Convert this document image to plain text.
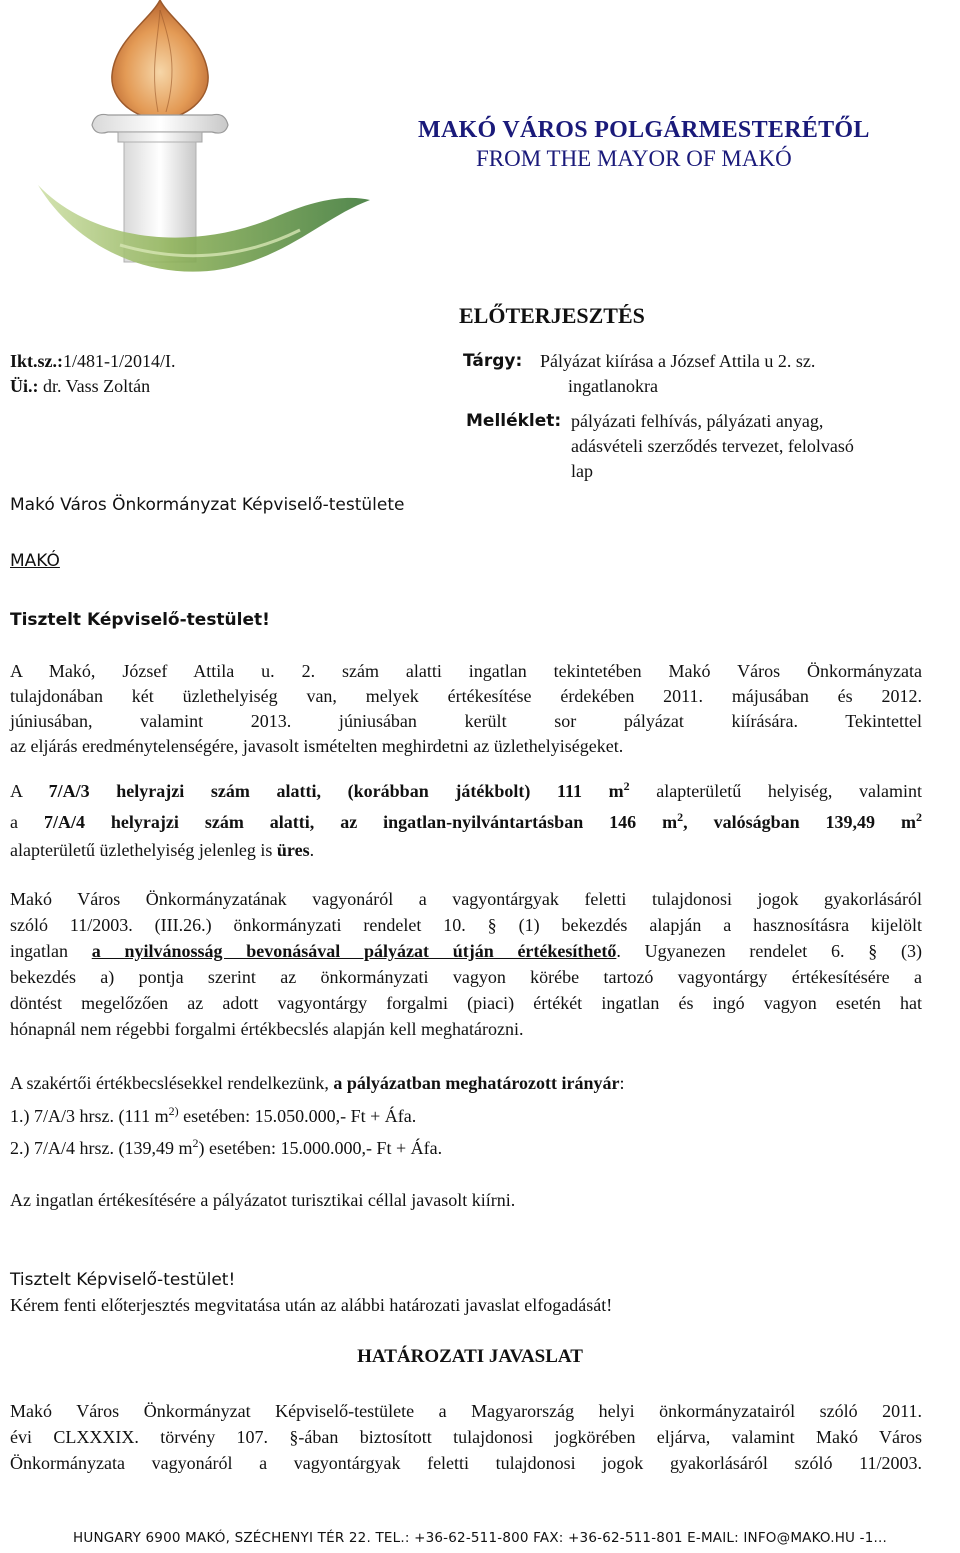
MAKÓ VÁROS POLGÁRMESTERÉTŐL
FROM THE MAYOR OF MAKÓ
ELŐTERJESZTÉS
Ikt.sz.:1/481-1/2014/I.
Üi.: dr. Vass Zoltán
Tárgy: Pályázat kiírása a József Attila u 2. sz.
ingatlanokra
Melléklet: pályázati felhívás, pályázati anyag,
adásvételi szerződés tervezet, felolvasó
lap
Makó Város Önkormányzat Képviselő-testülete
MAKÓ
Tisztelt Képviselő-testület!
A Makó, József Attila u. 2. szám alatti ingatlan tekintetében Makó Város Önkormányzata
tulajdonában két üzlethelyiség van, melyek értékesítése érdekében 2011. májusában és 2012.
júniusában, valamint 2013. júniusában került sor pályázat kiírására. Tekintettel
az eljárás eredménytelenségére, javasolt ismételten meghirdetni az üzlethelyiségeket.
A 7/A/3 helyrajzi szám alatti, (korábban játékbolt) 111 $m^2$ alapterületű helyiség, valamint
a 7/A/4 helyrajzi szám alatti, az ingatlan-nyilvántartásban 146 $m^2$, valóságban 139,49 $m^2$
alapterületű üzlethelyiség jelenleg is üres.
Makó Város Önkormányzatának vagyonáról a vagyontárgyak feletti tulajdonosi jogok gyakorlásáról
szóló 11/2003. (III.26.) önkormányzati rendelet 10. § (1) bekezdés alapján a hasznosításra kijelölt
ingatlan a nyilvánosság bevonásával pályázat útján értékesíthető. Ugyanezen rendelet 6. § (3)
bekezdés a) pontja szerint az önkormányzati vagyon körébe tartozó vagyontárgy értékesítésére a
döntést megelőzően az adott vagyontárgy forgalmi (piaci) értékét ingatlan és ingó vagyon esetén hat
hónapnál nem régebbi forgalmi értékbecslés alapján kell meghatározni.
A szakértői értékbecslésekkel rendelkezünk, a pályázatban meghatározott irányár:
1.) 7/A/3 hrsz. (111 $m^{2)}$ esetében: 15.050.000,- Ft + Áfa.
2.) 7/A/4 hrsz. (139,49 $m^2$) esetében: 15.000.000,- Ft + Áfa.
Az ingatlan értékesítésére a pályázatot turisztikai céllal javasolt kiírni.
Tisztelt Képviselő-testület!
Kérem fenti előterjesztés megvitatása után az alábbi határozati javaslat elfogadását!
HATÁROZATI JAVASLAT
Makó Város Önkormányzat Képviselő-testülete a Magyarország helyi önkormányzatairól szóló 2011.
évi CLXXXIX. törvény 107. §-ában biztosított tulajdonosi jogkörében eljárva, valamint Makó Város
Önkormányzata vagyonáról a vagyontárgyak feletti tulajdonosi jogok gyakorlásáról szóló 11/2003.
HUNGARY 6900 MAKÓ, SZÉCHENYI TÉR 22. TEL.: +36-62-511-800 FAX: +36-62-511-801 E-MAIL: INFO@MAKO.HU -1...
